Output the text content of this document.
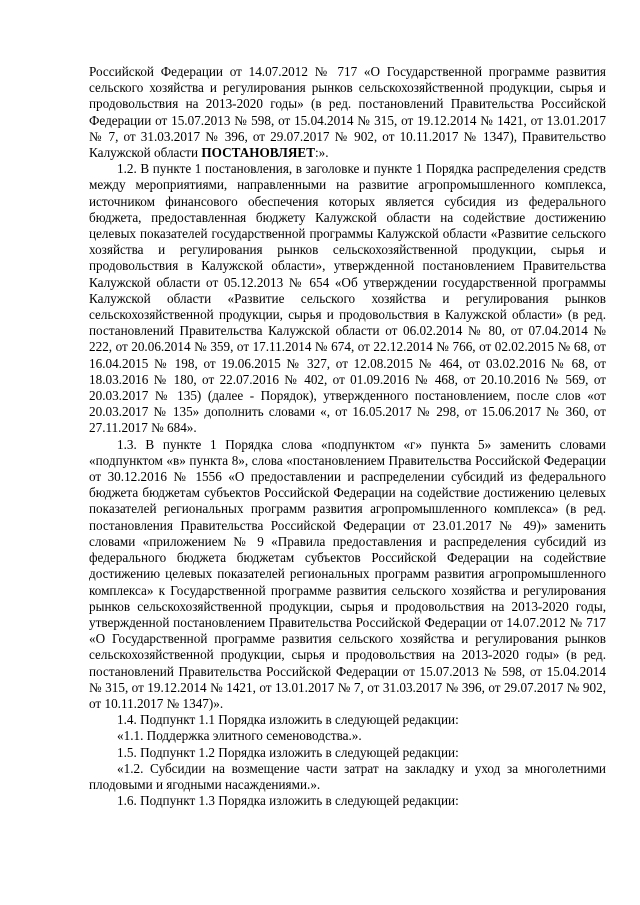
Российской Федерации от 14.07.2012 № 717 «О Государственной программе развития сельского хозяйства и регулирования рынков сельскохозяйственной продукции, сырья и продовольствия на 2013-2020 годы» (в ред. постановлений Правительства Российской Федерации от 15.07.2013 № 598, от 15.04.2014 № 315, от 19.12.2014 № 1421, от 13.01.2017 № 7, от 31.03.2017 № 396, от 29.07.2017 № 902, от 10.11.2017 № 1347), Правительство Калужской области ПОСТАНОВЛЯЕТ:».

1.2. В пункте 1 постановления, в заголовке и пункте 1 Порядка распределения средств между мероприятиями, направленными на развитие агропромышленного комплекса, источником финансового обеспечения которых является субсидия из федерального бюджета, предоставленная бюджету Калужской области на содействие достижению целевых показателей государственной программы Калужской области «Развитие сельского хозяйства и регулирования рынков сельскохозяйственной продукции, сырья и продовольствия в Калужской области», утвержденной постановлением Правительства Калужской области от 05.12.2013 № 654 «Об утверждении государственной программы Калужской области «Развитие сельского хозяйства и регулирования рынков сельскохозяйственной продукции, сырья и продовольствия в Калужской области» (в ред. постановлений Правительства Калужской области от 06.02.2014 № 80, от 07.04.2014 № 222, от 20.06.2014 № 359, от 17.11.2014 № 674, от 22.12.2014 № 766, от 02.02.2015 № 68, от 16.04.2015 № 198, от 19.06.2015 № 327, от 12.08.2015 № 464, от 03.02.2016 № 68, от 18.03.2016 № 180, от 22.07.2016 № 402, от 01.09.2016 № 468, от 20.10.2016 № 569, от 20.03.2017 № 135) (далее - Порядок), утвержденного постановлением, после слов «от 20.03.2017 № 135» дополнить словами «, от 16.05.2017 № 298, от 15.06.2017 № 360, от 27.11.2017 № 684».

1.3. В пункте 1 Порядка слова «подпунктом «г» пункта 5» заменить словами «подпунктом «в» пункта 8», слова «постановлением Правительства Российской Федерации от 30.12.2016 № 1556 «О предоставлении и распределении субсидий из федерального бюджета бюджетам субъектов Российской Федерации на содействие достижению целевых показателей региональных программ развития агропромышленного комплекса» (в ред. постановления Правительства Российской Федерации от 23.01.2017 № 49)» заменить словами «приложением № 9 «Правила предоставления и распределения субсидий из федерального бюджета бюджетам субъектов Российской Федерации на содействие достижению целевых показателей региональных программ развития агропромышленного комплекса» к Государственной программе развития сельского хозяйства и регулирования рынков сельскохозяйственной продукции, сырья и продовольствия на 2013-2020 годы, утвержденной постановлением Правительства Российской Федерации от 14.07.2012 № 717 «О Государственной программе развития сельского хозяйства и регулирования рынков сельскохозяйственной продукции, сырья и продовольствия на 2013-2020 годы» (в ред. постановлений Правительства Российской Федерации от 15.07.2013 № 598, от 15.04.2014 № 315, от 19.12.2014 № 1421, от 13.01.2017 № 7, от 31.03.2017 № 396, от 29.07.2017 № 902, от 10.11.2017 № 1347)».

1.4. Подпункт 1.1 Порядка изложить в следующей редакции:

«1.1. Поддержка элитного семеноводства.».

1.5. Подпункт 1.2 Порядка изложить в следующей редакции:

«1.2. Субсидии на возмещение части затрат на закладку и уход за многолетними плодовыми и ягодными насаждениями.».

1.6. Подпункт 1.3 Порядка изложить в следующей редакции:
